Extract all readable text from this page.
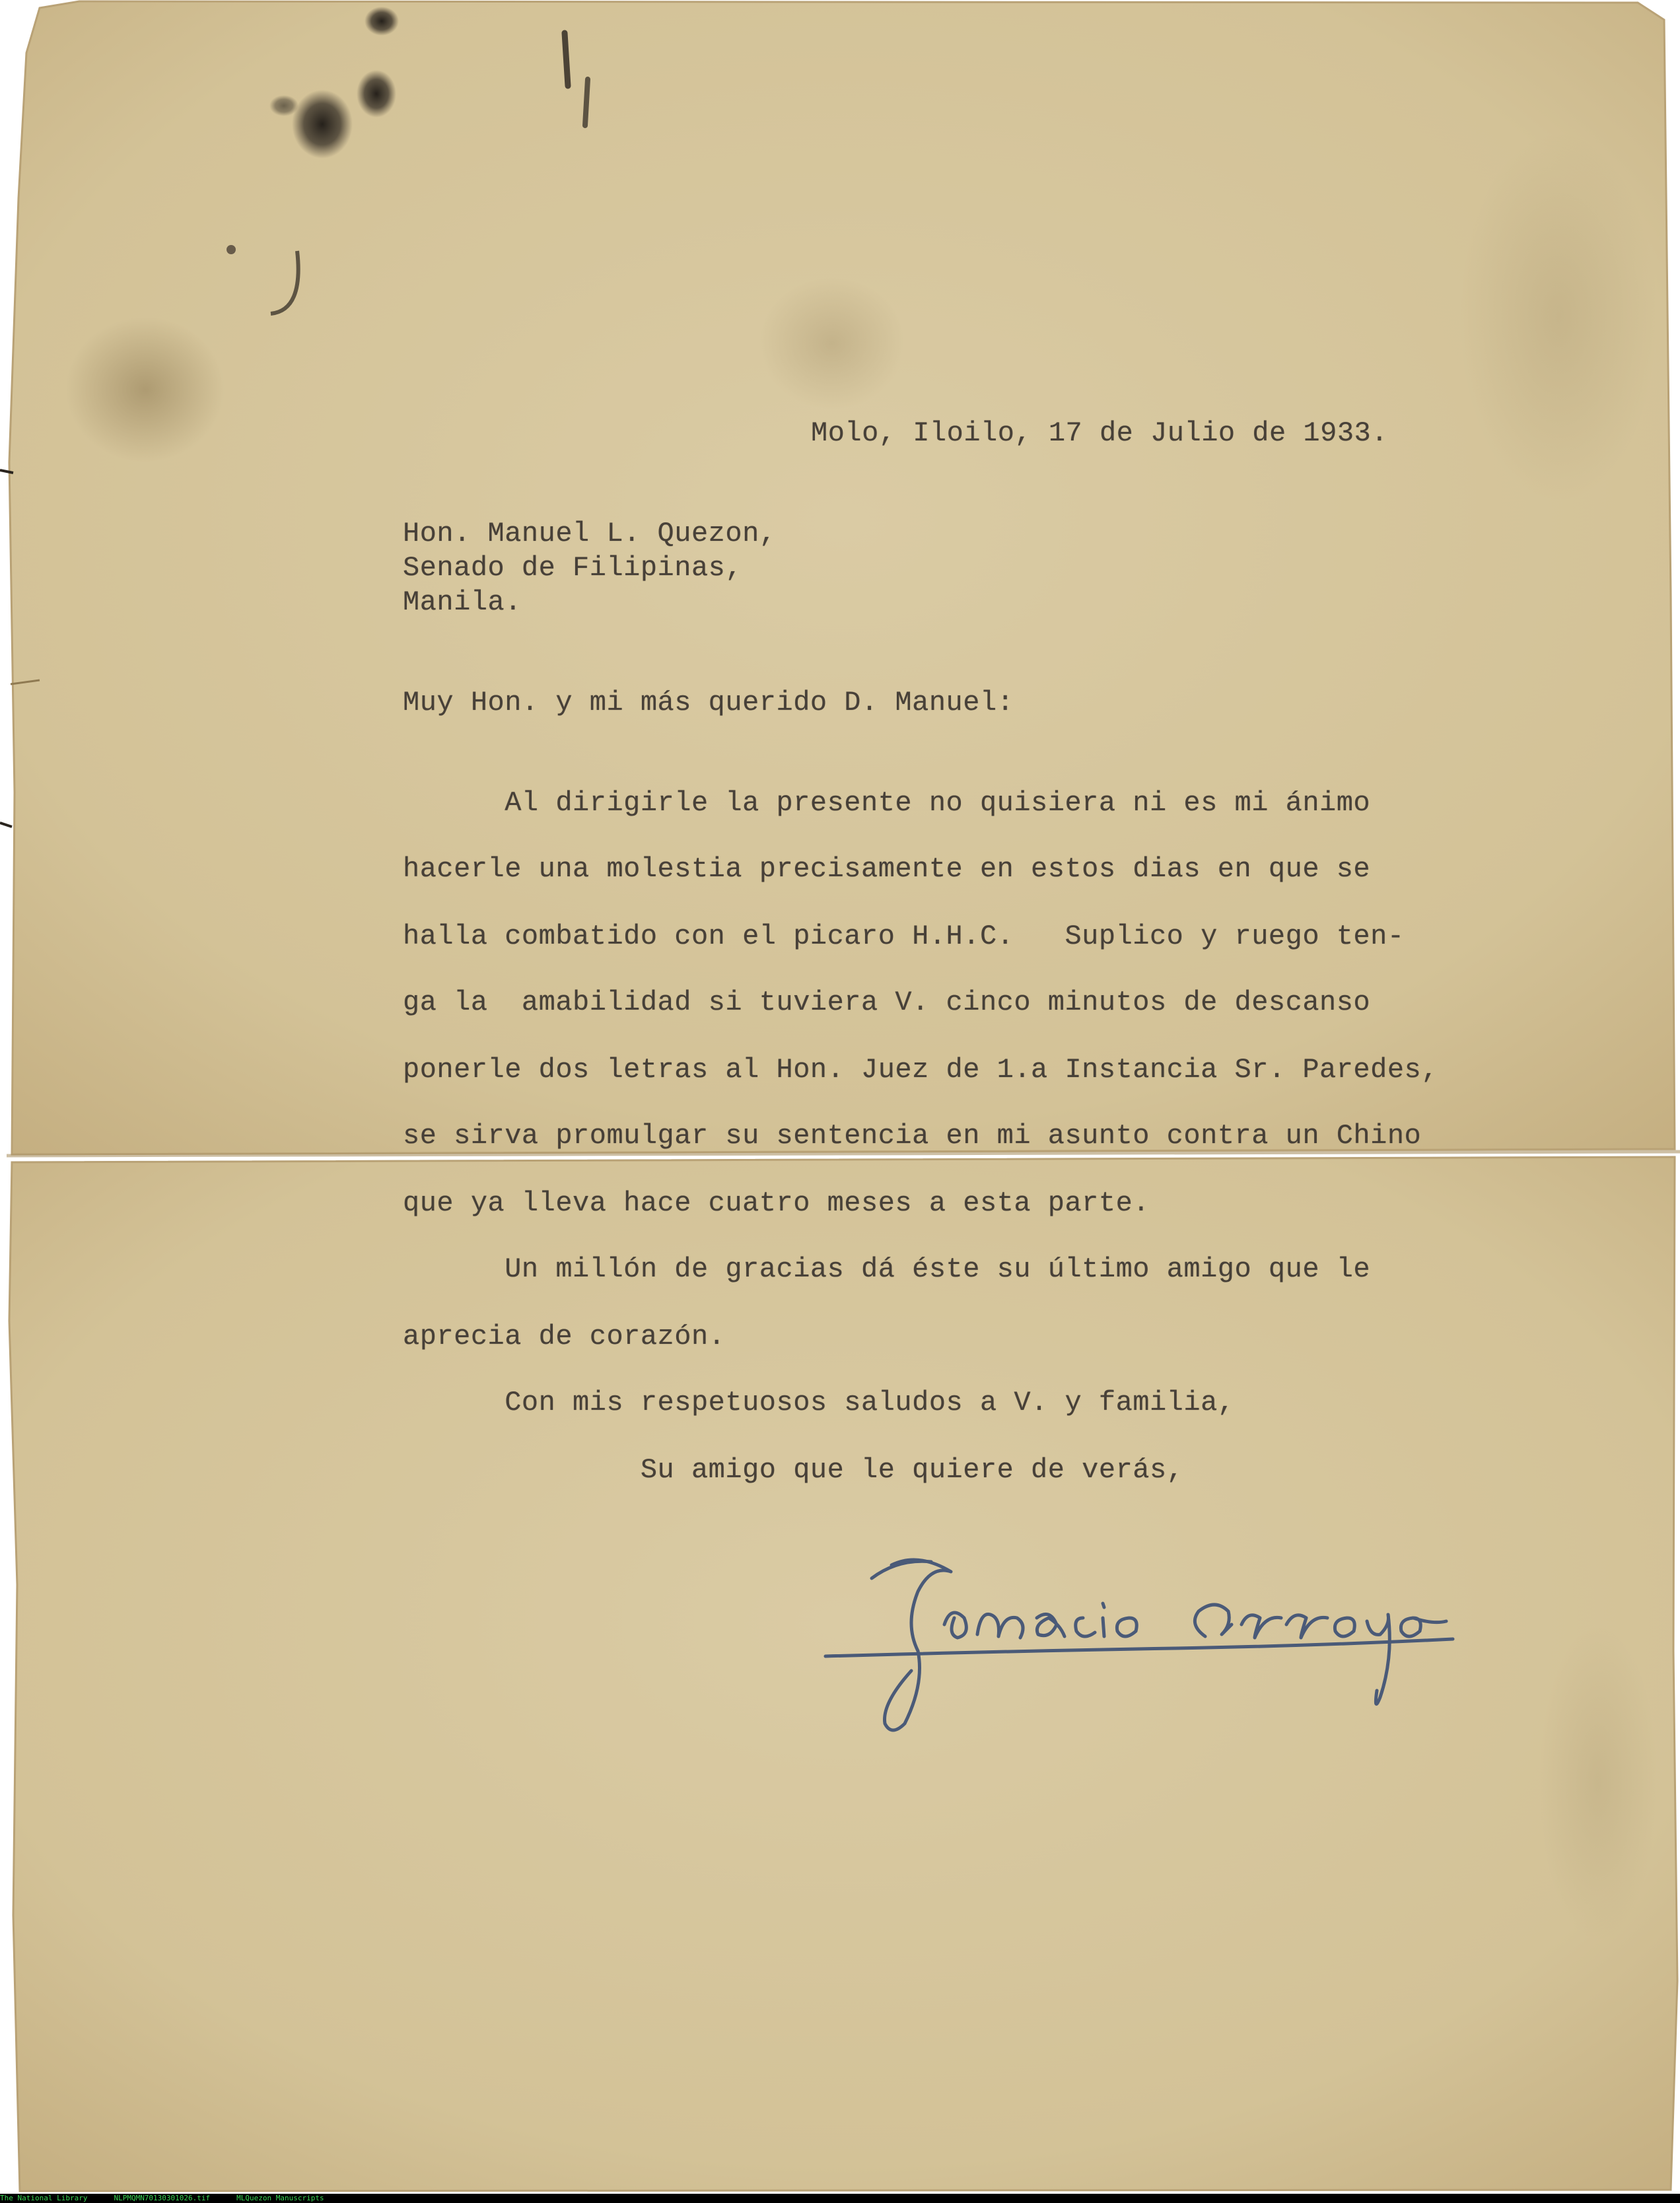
Molo, Iloilo, 17 de Julio de 1933.

Hon. Manuel L. Quezon,

Senado de Filipinas,

Manila.

Muy Hon. y mi más querido D. Manuel:

Al dirigirle la presente no quisiera ni es mi ánimo

hacerle una molestia precisamente en estos dias en que se

halla combatido con el picaro H.H.C.   Suplico y ruego ten-

ga la  amabilidad si tuviera V. cinco minutos de descanso

ponerle dos letras al Hon. Juez de 1.a Instancia Sr. Paredes,

se sirva promulgar su sentencia en mi asunto contra un Chino

que ya lleva hace cuatro meses a esta parte.

Un millón de gracias dá éste su último amigo que le

aprecia de corazón.

Con mis respetuosos saludos a V. y familia,

Su amigo que le quiere de verás,

The National Library	NLPMQMN70130301026.tif	MLQuezon Manuscripts
